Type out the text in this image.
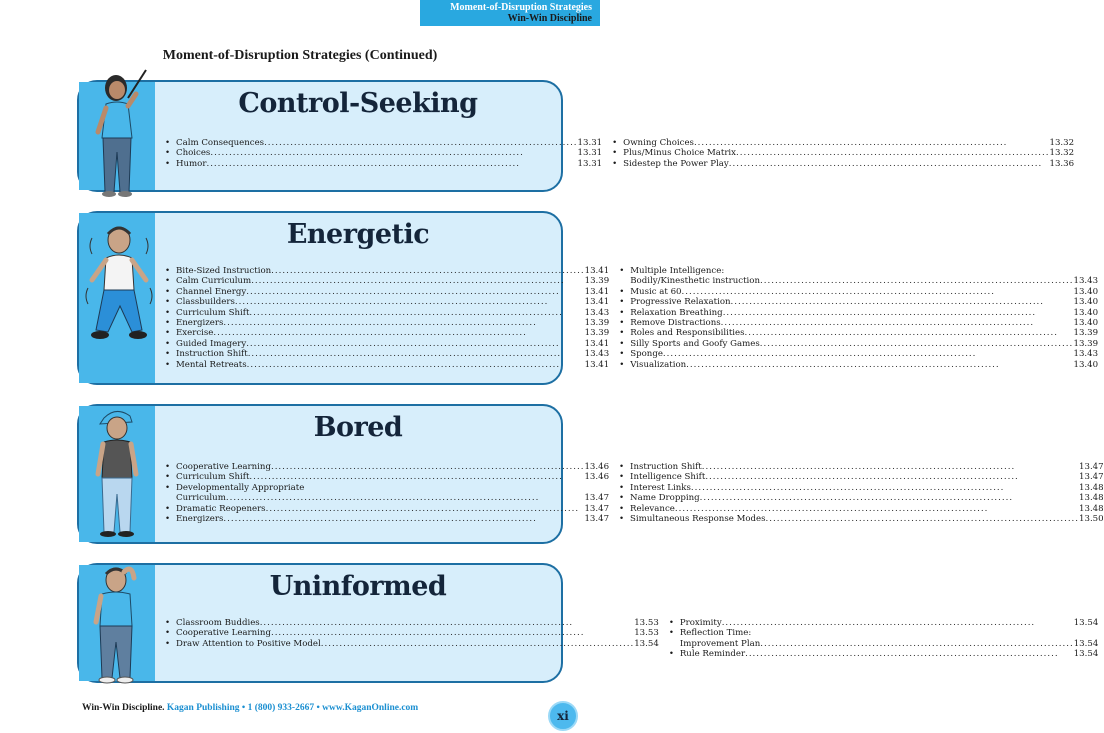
Moment-of-Disruption Strategies
Win-Win Discipline
Moment-of-Disruption Strategies (Continued)
Control-Seeking
• Calm Consequences .....	13.31
• Choices .....	13.31
• Humor .....	13.31
• Owning Choices .....	13.32
• Plus/Minus Choice Matrix .....	13.32
• Sidestep the Power Play .....	13.36
Energetic
• Bite-Sized Instruction .....	13.41
• Calm Curriculum .....	13.39
• Channel Energy .....	13.41
• Classbuilders .....	13.41
• Curriculum Shift .....	13.43
• Energizers .....	13.39
• Exercise .....	13.39
• Guided Imagery .....	13.41
• Instruction Shift .....	13.43
• Mental Retreats .....	13.41
• Multiple Intelligence:
Bodily/Kinesthetic instruction .....	13.43
• Music at 60 .....	13.40
• Progressive Relaxation .....	13.40
• Relaxation Breathing .....	13.40
• Remove Distractions .....	13.40
• Roles and Responsibilities .....	13.39
• Silly Sports and Goofy Games .....	13.39
• Sponge .....	13.43
• Visualization .....	13.40
Bored
• Cooperative Learning .....	13.46
• Curriculum Shift .....	13.46
• Developmentally Appropriate
Curriculum .....	13.47
• Dramatic Reopeners .....	13.47
• Energizers .....	13.47
• Instruction Shift .....	13.47
• Intelligence Shift .....	13.47
• Interest Links .....	13.48
• Name Dropping .....	13.48
• Relevance .....	13.48
• Simultaneous Response Modes .....	13.50
Uninformed
• Classroom Buddies .....	13.53
• Cooperative Learning .....	13.53
• Draw Attention to Positive Model .....	13.54
• Proximity .....	13.54
• Reflection Time:
Improvement Plan .....	13.54
• Rule Reminder .....	13.54
Win-Win Discipline. Kagan Publishing • 1 (800) 933-2667 • www.KaganOnline.com
xi
